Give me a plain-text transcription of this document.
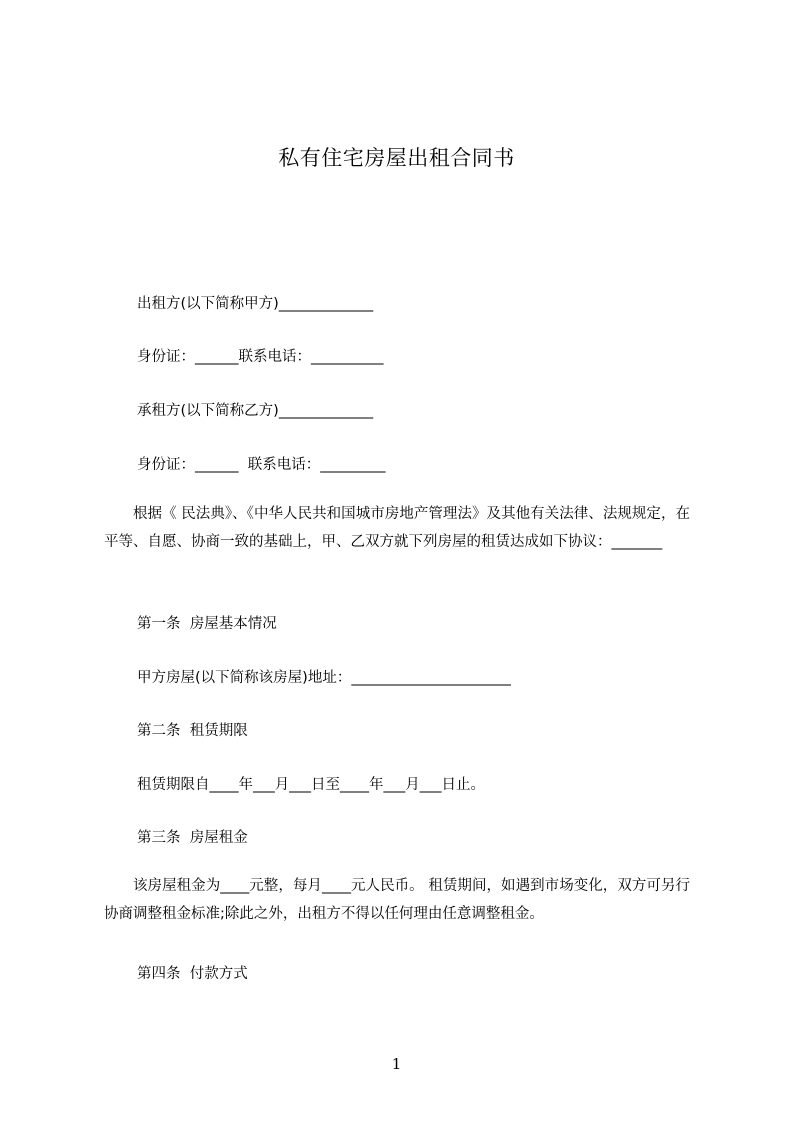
私有住宅房屋出租合同书
出租方(以下简称甲方)_____________
身份证：______联系电话：__________
承租方(以下简称乙方)_____________
身份证：______  联系电话：_________
根据《 民法典》、《中华人民共和国城市房地产管理法》及其他有关法律、法规规定，在平等、自愿、协商一致的基础上，甲、乙双方就下列房屋的租赁达成如下协议：_______
第一条  房屋基本情况
甲方房屋(以下简称该房屋)地址：______________________
第二条  租赁期限
租赁期限自____年___月___日至____年___月___日止。
第三条  房屋租金
该房屋租金为____元整，每月____元人民币。 租赁期间，如遇到市场变化，双方可另行协商调整租金标准;除此之外，出租方不得以任何理由任意调整租金。
第四条  付款方式
1
